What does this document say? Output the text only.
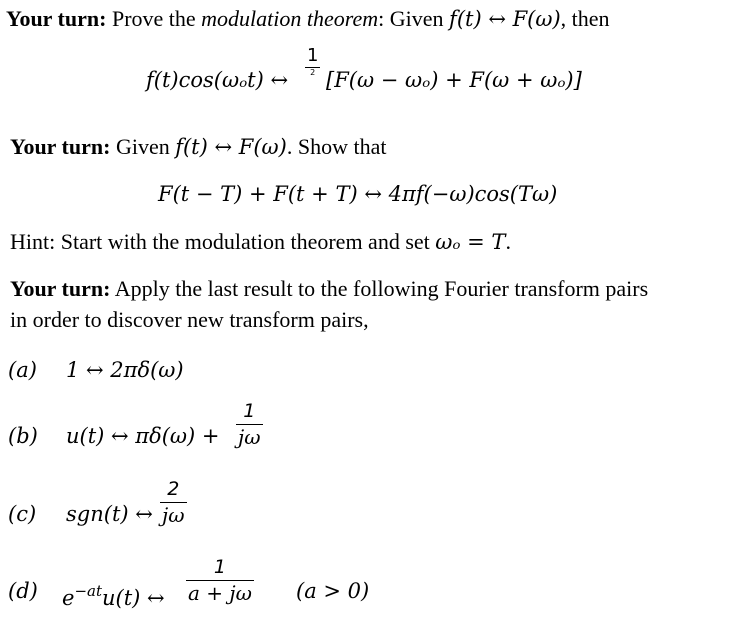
Your turn: Prove the modulation theorem: Given f(t) ↔ F(ω), then
f(t)cos(ωₒt) ↔
1
2 [F(ω − ωₒ) + F(ω + ωₒ)]
Your turn: Given f(t) ↔ F(ω). Show that
F(t − T) + F(t + T) ↔ 4πf(−ω)cos(Tω)
Hint: Start with the modulation theorem and set ωₒ = T.
Your turn: Apply the last result to the following Fourier transform pairs
in order to discover new transform pairs,
(a) 1 ↔ 2πδ(ω)
(b) u(t) ↔ πδ(ω) +
1
jω
(c) sgn(t) ↔
2
jω
(d) $e^{-at}u(t)$ ↔
1
a + jω (a > 0)
